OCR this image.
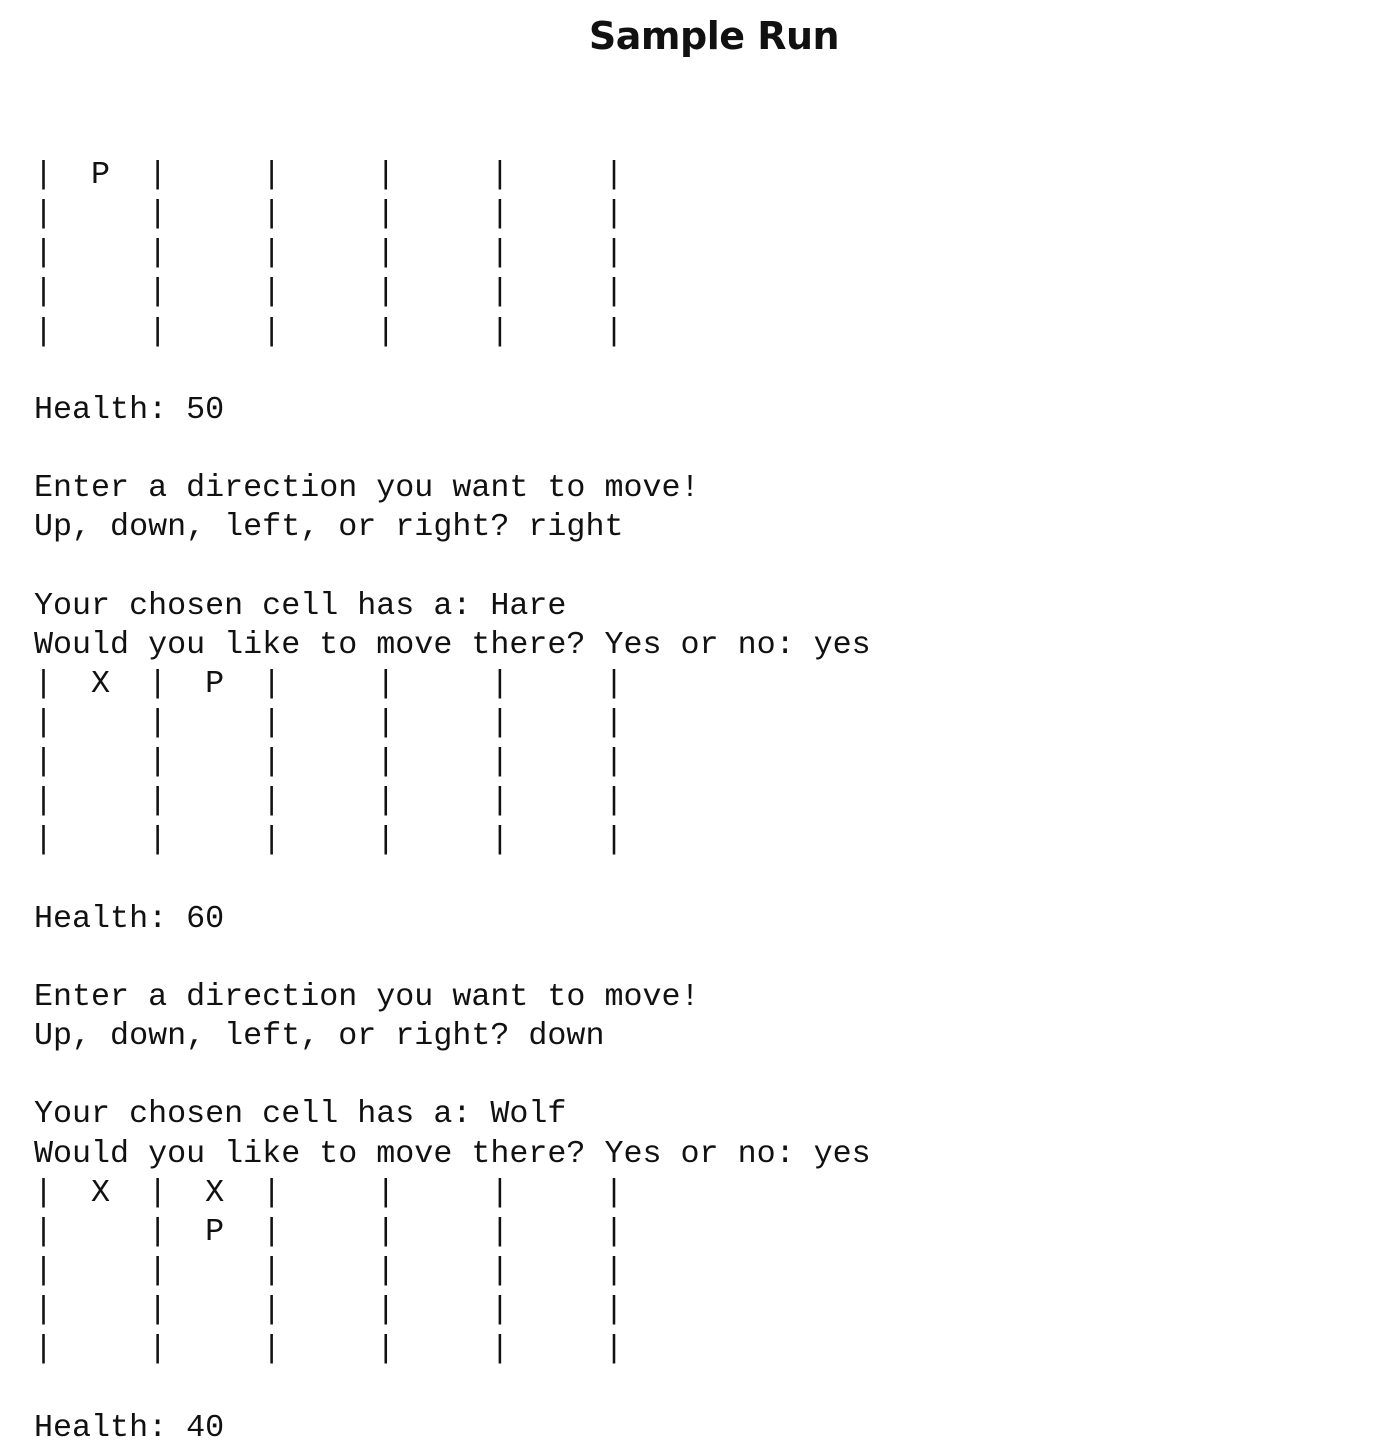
Sample Run
|  P  |     |     |     |     |
|     |     |     |     |     |
|     |     |     |     |     |
|     |     |     |     |     |
|     |     |     |     |     |
Health: 50
Enter a direction you want to move!
Up, down, left, or right? right
Your chosen cell has a: Hare
Would you like to move there? Yes or no: yes
|  X  |  P  |     |     |     |
|     |     |     |     |     |
|     |     |     |     |     |
|     |     |     |     |     |
|     |     |     |     |     |
Health: 60
Enter a direction you want to move!
Up, down, left, or right? down
Your chosen cell has a: Wolf
Would you like to move there? Yes or no: yes
|  X  |  X  |     |     |     |
|     |  P  |     |     |     |
|     |     |     |     |     |
|     |     |     |     |     |
|     |     |     |     |     |
Health: 40
